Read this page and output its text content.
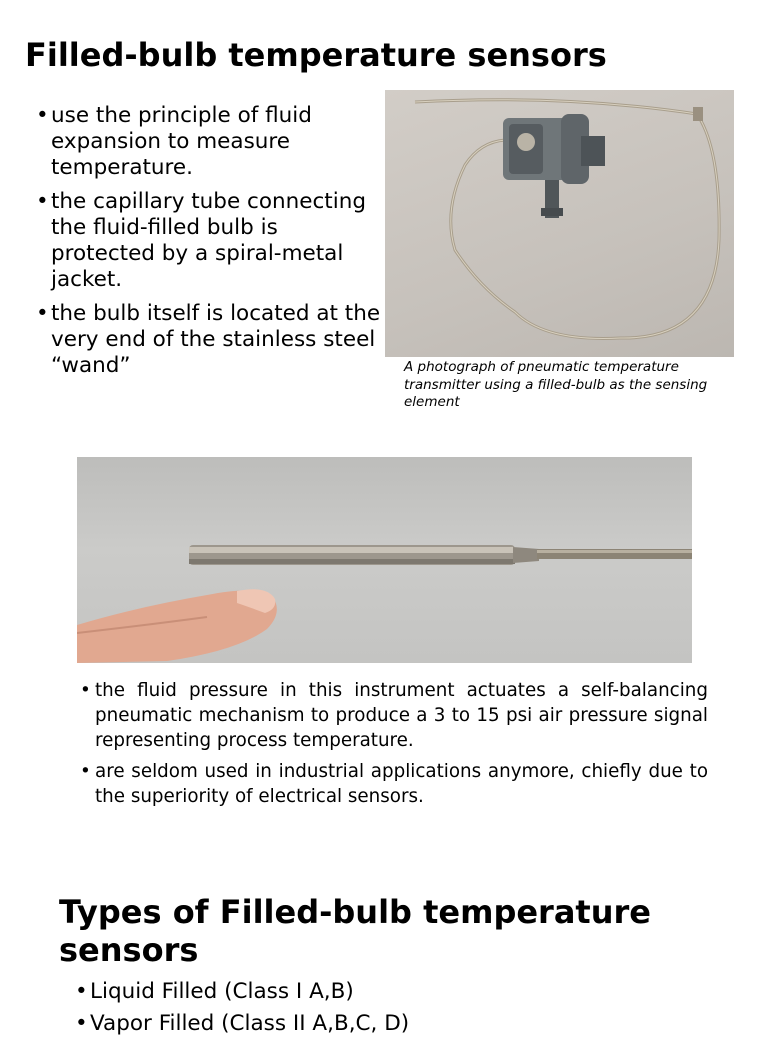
Filled-bulb temperature sensors
• use the principle of fluid expansion to measure temperature.
• the capillary tube connecting the fluid-filled bulb is protected by a spiral-metal jacket.
• the bulb itself is located at the very end of the stainless steel “wand”	A photograph of pneumatic temperature transmitter using a filled-bulb as the sensing element

• the fluid pressure in this instrument actuates a self-balancing pneumatic mechanism to produce a 3 to 15 psi air pressure signal representing process temperature.
• are seldom used in industrial applications anymore, chiefly due to the superiority of electrical sensors.
Types of Filled-bulb temperature sensors
• Liquid Filled (Class I A,B)
• Vapor Filled (Class II A,B,C, D)
